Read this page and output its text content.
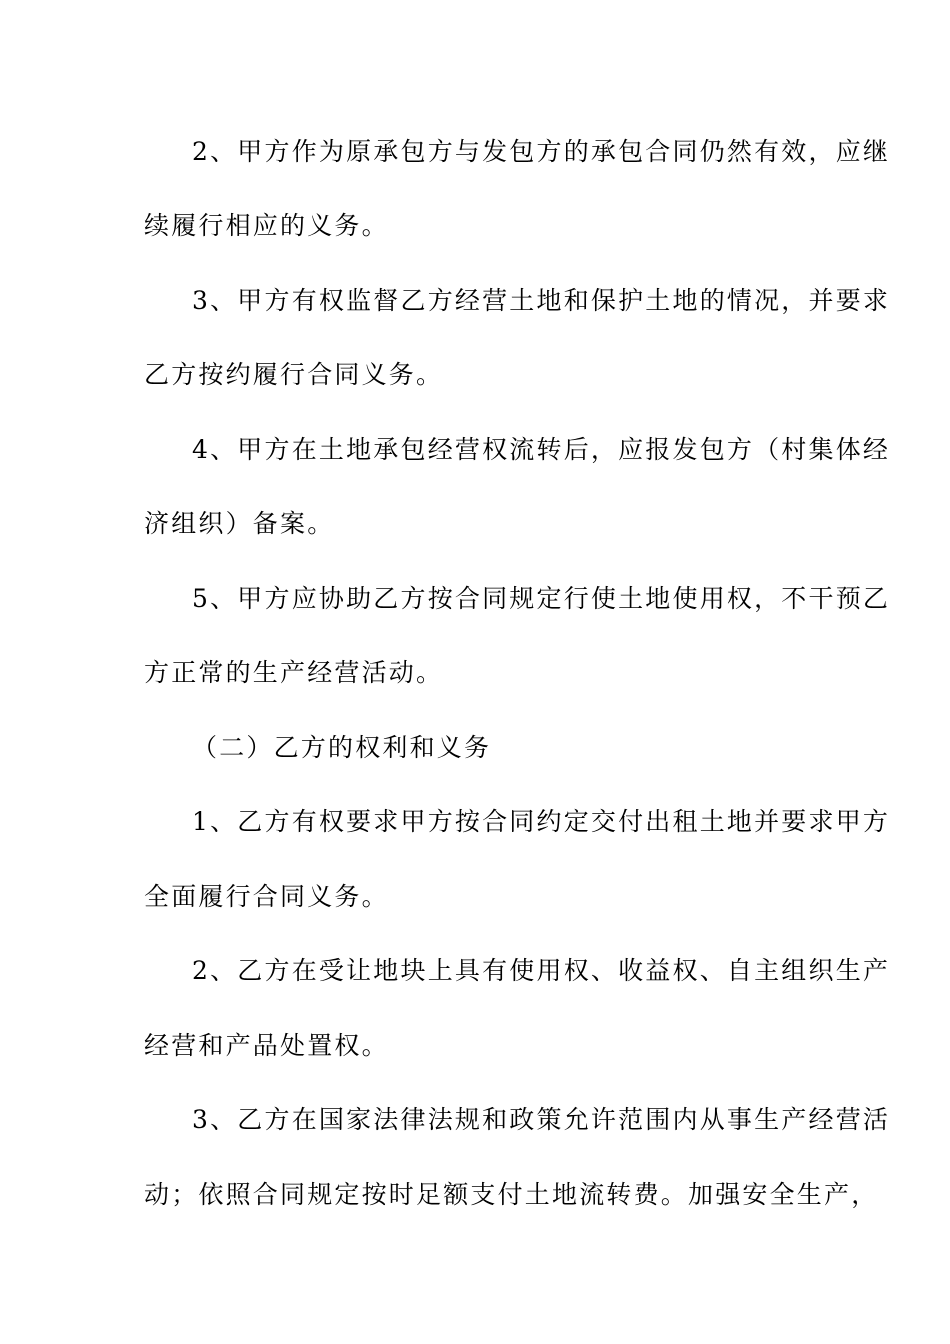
2、甲方作为原承包方与发包方的承包合同仍然有效，应继
续履行相应的义务。
3、甲方有权监督乙方经营土地和保护土地的情况，并要求
乙方按约履行合同义务。
4、甲方在土地承包经营权流转后，应报发包方（村集体经
济组织）备案。
5、甲方应协助乙方按合同规定行使土地使用权，不干预乙
方正常的生产经营活动。
（二）乙方的权利和义务
1、乙方有权要求甲方按合同约定交付出租土地并要求甲方
全面履行合同义务。
2、乙方在受让地块上具有使用权、收益权、自主组织生产
经营和产品处置权。
3、乙方在国家法律法规和政策允许范围内从事生产经营活
动；依照合同规定按时足额支付土地流转费。加强安全生产，
